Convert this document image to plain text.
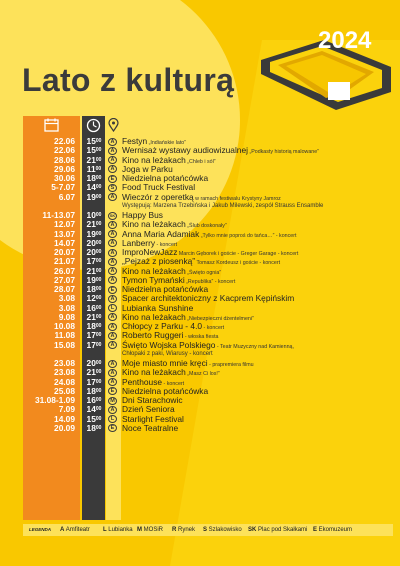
Lato z kulturą
2024
22.06	$15^{00}$	A Festyn „Indiańskie lato”
22.06	$15^{00}$	A Wernisaż wystawy audiowizualnej „Podkasty historią malowane”
28.06	$21^{00}$	A Kino na leżakach „Chleb i sól”
29.06	$11^{00}$	A Joga w Parku
30.06	$18^{00}$	E Niedzielna potańcówka
5-7.07	$14^{00}$	S Food Truck Festival
6.07	$19^{00}$	A Wieczór z operetką w ramach festiwalu Krystyny Jamroz
Występują: Marzena Trzebińska i Jakub Milewski, zespół Strauss Ensamble
11-13.07	$10^{00}$	SK Happy Bus
12.07	$21^{00}$	A Kino na leżakach „Ślub doskonały”
13.07	$19^{00}$	A Anna Maria Adamiak „Tylko mnie poproś do tańca…” - koncert
14.07	$20^{00}$	A Lanberry - koncert
20.07	$20^{00}$	A ImproNewJazz Marcin Gęborek i goście - Greger Garage - koncert
21.07	$17^{00}$	A „Pejzaż z piosenką” Tomasz Kordeusz i goście - koncert
26.07	$21^{00}$	A Kino na leżakach „Święto ognia”
27.07	$19^{00}$	A Tymon Tymański „Republika” - koncert
28.07	$18^{00}$	E Niedzielna potańcówka
3.08	$12^{00}$	A Spacer architektoniczny z Kacprem Kępińskim
3.08	$16^{00}$	L Lubianka Sunshine
9.08	$21^{00}$	A Kino na leżakach „Niebezpieczni dżentelmeni”
10.08	$18^{00}$	A Chłopcy z Parku - 4.0 - koncert
11.08	$17^{00}$	A Roberto Ruggeri - włoska fiesta
15.08	$17^{00}$	A Święto Wojska Polskiego - Teatr Muzyczny nad Kamienną,
Chłopaki z paki, Wiarusy - koncert
23.08	$20^{00}$	A Moje miasto mnie kręci - prapremiera filmu
23.08	$21^{00}$	A Kino na leżakach „Masz Ci los!”
24.08	$17^{00}$	A Penthouse - koncert
25.08	$18^{00}$	E Niedzielna potańcówka
31.08-1.09	$16^{00}$	M Dni Starachowic
7.09	$14^{00}$	A Dzień Seniora
14.09	$15^{00}$	L Starlight Festival
20.09	$18^{00}$	E Noce Teatralne
LEGENDA A Amfiteatr L Lubianka M MOSiR R Rynek S Szlakowisko SK Plac pod Skałkami E Ekomuzeum
